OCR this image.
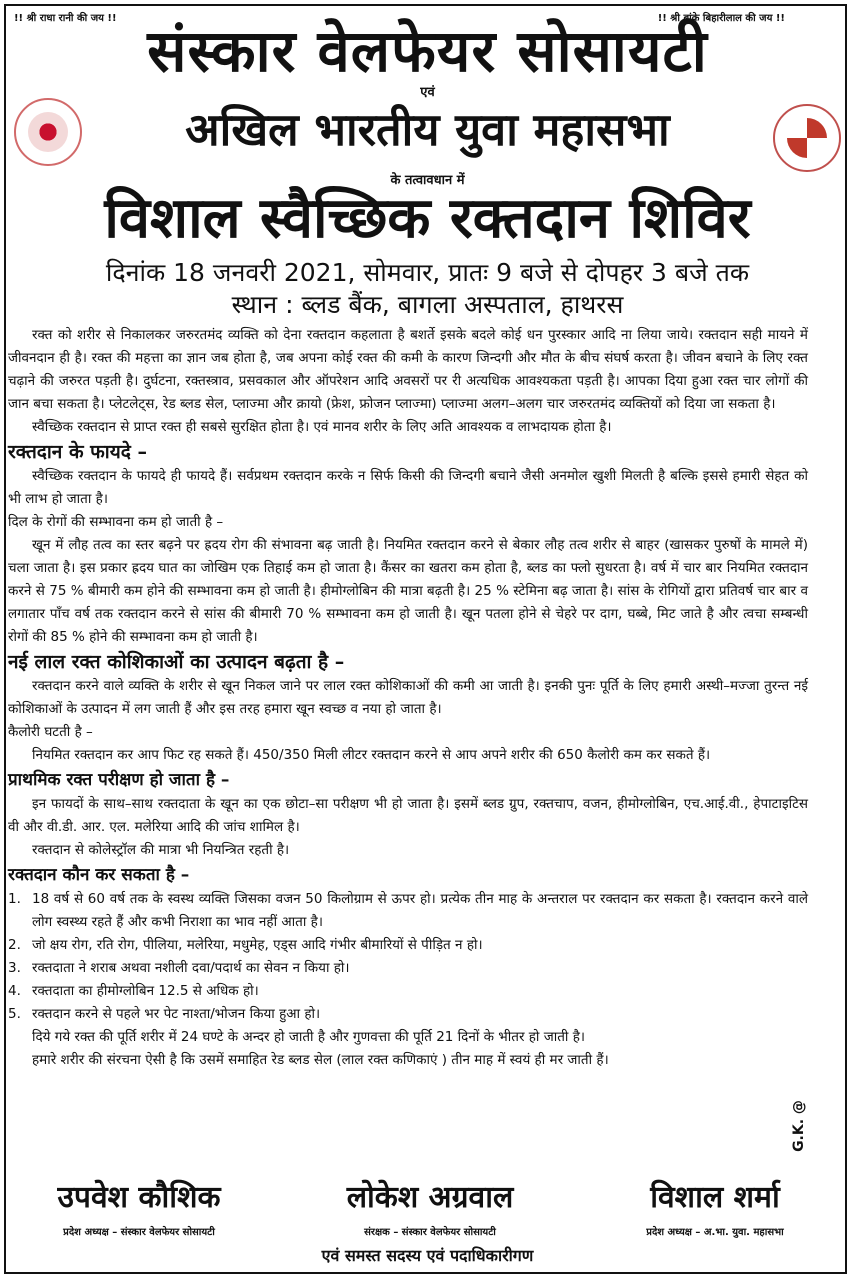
!! श्री राधा रानी की जय !!	!! श्री बांके बिहारीलाल की जय !!
संस्कार वेलफेयर सोसायटी
एवं
अखिल भारतीय युवा महासभा
के तत्वावधान में
विशाल स्वैच्छिक रक्तदान शिविर
दिनांक 18 जनवरी 2021, सोमवार, प्रातः 9 बजे से दोपहर 3 बजे तक
स्थान : ब्लड बैंक, बागला अस्पताल, हाथरस

रक्त को शरीर से निकालकर जरुरतमंद व्यक्ति को देना रक्तदान कहलाता है बशर्ते इसके बदले कोई धन पुरस्कार आदि ना लिया जाये। रक्तदान सही मायने में जीवनदान ही है। रक्त की महत्ता का ज्ञान जब होता है, जब अपना कोई रक्त की कमी के कारण जिन्दगी और मौत के बीच संघर्ष करता है। जीवन बचाने के लिए रक्त चढ़ाने की जरुरत पड़ती है। दुर्घटना, रक्तस्त्राव, प्रसवकाल और ऑपरेशन आदि अवसरों पर री अत्यधिक आवश्यकता पड़ती है। आपका दिया हुआ रक्त चार लोगों की जान बचा सकता है। प्लेटलेट्स, रेड ब्लड सेल, प्लाज्मा और क्रायो (फ्रेश, फ्रोजन प्लाज्मा) प्लाज्मा अलग–अलग चार जरुरतमंद व्यक्तियों को दिया जा सकता है।

स्वैच्छिक रक्तदान से प्राप्त रक्त ही सबसे सुरक्षित होता है। एवं मानव शरीर के लिए अति आवश्यक व लाभदायक होता है।

रक्तदान के फायदे –

स्वैच्छिक रक्तदान के फायदे ही फायदे हैं। सर्वप्रथम रक्तदान करके न सिर्फ किसी की जिन्दगी बचाने जैसी अनमोल खुशी मिलती है बल्कि इससे हमारी सेहत को भी लाभ हो जाता है।

दिल के रोगों की सम्भावना कम हो जाती है –

खून में लौह तत्व का स्तर बढ़ने पर ह्रदय रोग की संभावना बढ़ जाती है। नियमित रक्तदान करने से बेकार लौह तत्व शरीर से बाहर (खासकर पुरुषों के मामले में) चला जाता है। इस प्रकार ह्रदय घात का जोखिम एक तिहाई कम हो जाता है। कैंसर का खतरा कम होता है, ब्लड का फ्लो सुधरता है। वर्ष में चार बार नियमित रक्तदान करने से 75 % बीमारी कम होने की सम्भावना कम हो जाती है। हीमोग्लोबिन की मात्रा बढ़ती है। 25 % स्टेमिना बढ़ जाता है। सांस के रोगियों द्वारा प्रतिवर्ष चार बार व लगातार पाँच वर्ष तक रक्तदान करने से सांस की बीमारी 70 % सम्भावना कम हो जाती है। खून पतला होने से चेहरे पर दाग, घब्बे, मिट जाते है और त्वचा सम्बन्धी रोगों की 85 % होने की सम्भावना कम हो जाती है।

नई लाल रक्त कोशिकाओं का उत्पादन बढ़ता है –

रक्तदान करने वाले व्यक्ति के शरीर से खून निकल जाने पर लाल रक्त कोशिकाओं की कमी आ जाती है। इनकी पुनः पूर्ति के लिए हमारी अस्थी–मज्जा तुरन्त नई कोशिकाओं के उत्पादन में लग जाती हैं और इस तरह हमारा खून स्वच्छ व नया हो जाता है।

कैलोरी घटती है –

नियमित रक्तदान कर आप फिट रह सकते हैं। 450/350 मिली लीटर रक्तदान करने से आप अपने शरीर की 650 कैलोरी कम कर सकते हैं।

प्राथमिक रक्त परीक्षण हो जाता है –

इन फायदों के साथ–साथ रक्तदाता के खून का एक छोटा–सा परीक्षण भी हो जाता है। इसमें ब्लड ग्रुप, रक्तचाप, वजन, हीमोग्लोबिन, एच.आई.वी., हेपाटाइटिस वी और वी.डी. आर. एल. मलेरिया आदि की जांच शामिल है।

रक्तदान से कोलेस्ट्रॉल की मात्रा भी नियन्त्रित रहती है।

रक्तदान कौन कर सकता है –

1. 18 वर्ष से 60 वर्ष तक के स्वस्थ व्यक्ति जिसका वजन 50 किलोग्राम से ऊपर हो। प्रत्येक तीन माह के अन्तराल पर रक्तदान कर सकता है। रक्तदान करने वाले लोग स्वस्थ्य रहते हैं और कभी निराशा का भाव नहीं आता है।
2. जो क्षय रोग, रति रोग, पीलिया, मलेरिया, मधुमेह, एड्स आदि गंभीर बीमारियों से पीड़ित न हो।
3. रक्तदाता ने शराब अथवा नशीली दवा/पदार्थ का सेवन न किया हो।
4. रक्तदाता का हीमोग्लोबिन 12.5 से अधिक हो।
5. रक्तदान करने से पहले भर पेट नाश्ता/भोजन किया हुआ हो।

दिये गये रक्त की पूर्ति शरीर में 24 घण्टे के अन्दर हो जाती है और गुणवत्ता की पूर्ति 21 दिनों के भीतर हो जाती है।

हमारे शरीर की संरचना ऐसी है कि उसमें समाहित रेड ब्लड सेल (लाल रक्त कणिकाएं ) तीन माह में स्वयं ही मर जाती हैं।

G.K. @
उपवेश कौशिक
प्रदेश अध्यक्ष – संस्कार वेलफेयर सोसायटी
लोकेश अग्रवाल
संरक्षक – संस्कार वेलफेयर सोसायटी
विशाल शर्मा
प्रदेश अध्यक्ष – अ.भा. युवा. महासभा
एवं समस्त सदस्य एवं पदाधिकारीगण
